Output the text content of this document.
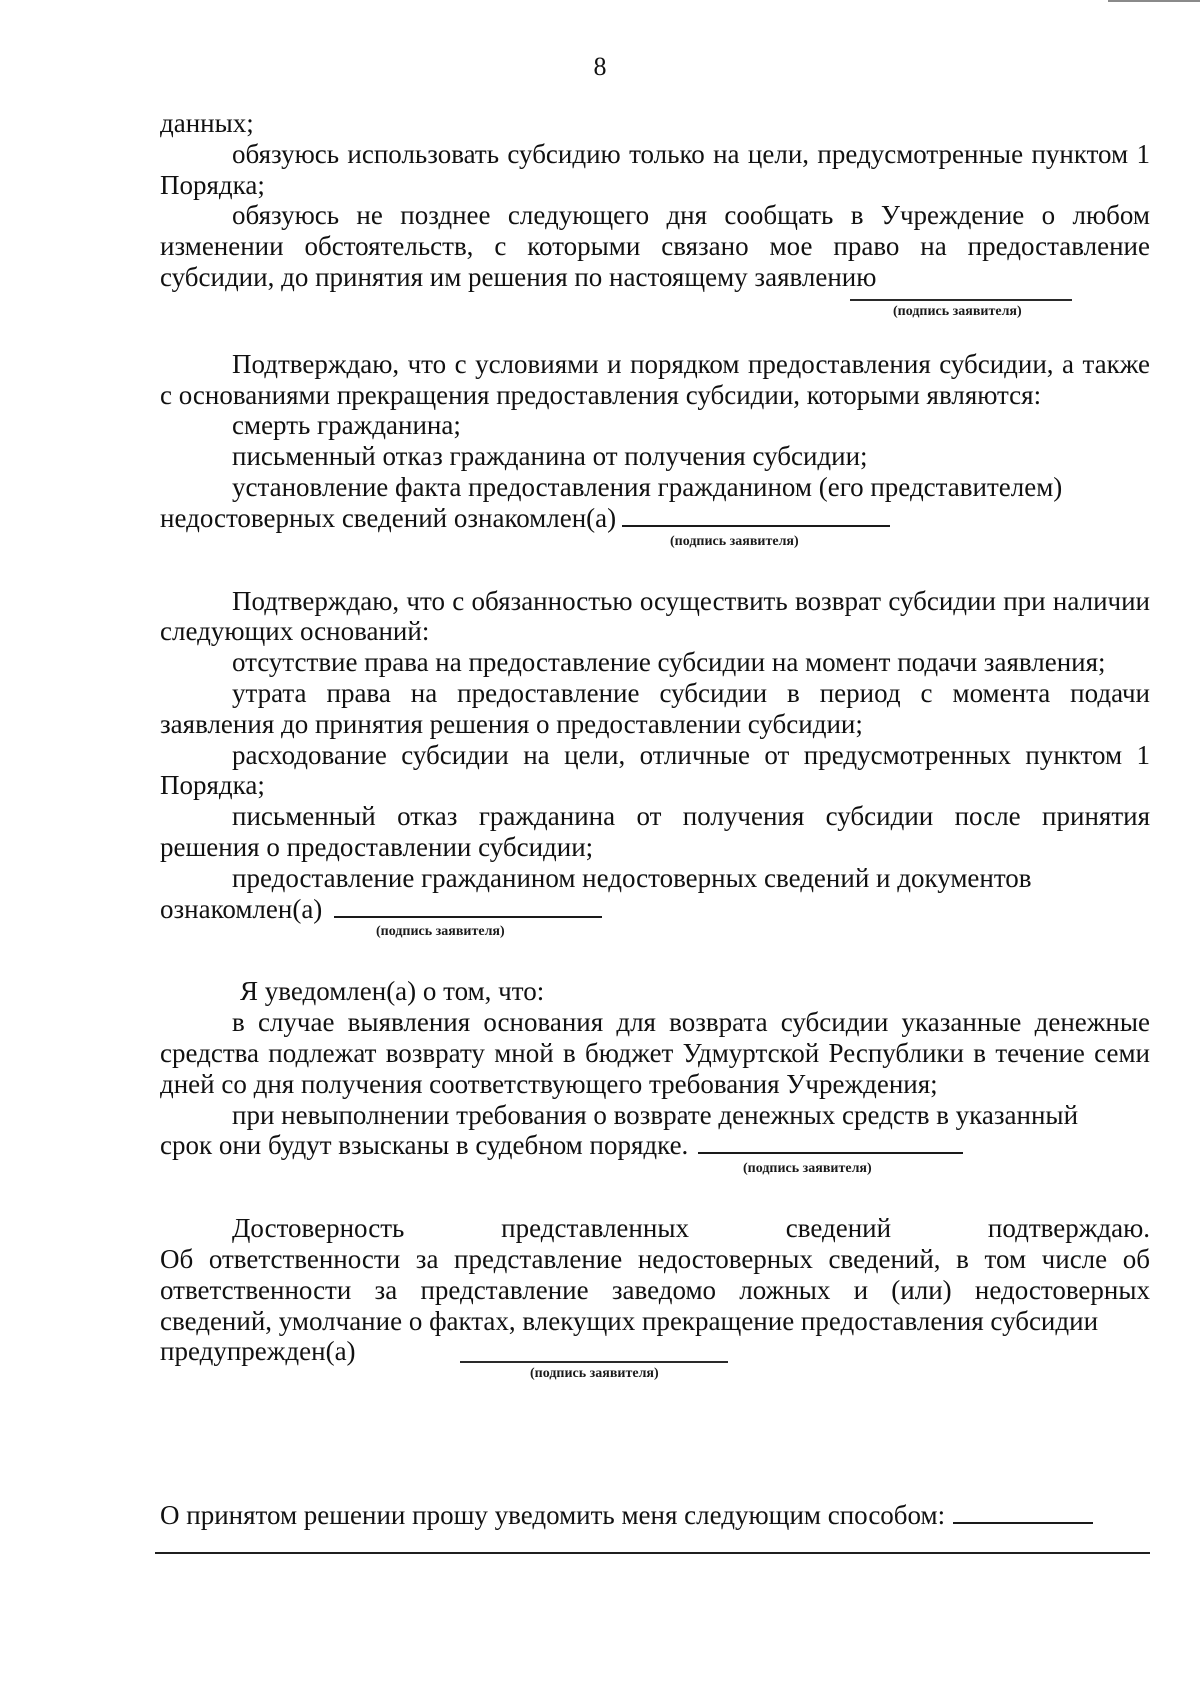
8

данных;

обязуюсь использовать субсидию только на цели, предусмотренные пунктом 1 Порядка;

обязуюсь не позднее следующего дня сообщать в Учреждение о любом изменении обстоятельств, с которыми связано мое право на предоставление субсидии, до принятия им решения по настоящему заявлению

(подпись заявителя)

Подтверждаю, что с условиями и порядком предоставления субсидии, а также с основаниями прекращения предоставления субсидии, которыми являются:

смерть гражданина;

письменный отказ гражданина от получения субсидии;

установление факта предоставления гражданином (его представителем)

недостоверных сведений ознакомлен(а)

(подпись заявителя)

Подтверждаю, что с обязанностью осуществить возврат субсидии при наличии следующих оснований:

отсутствие права на предоставление субсидии на момент подачи заявления;

утрата права на предоставление субсидии в период с момента подачи заявления до принятия решения о предоставлении субсидии;

расходование субсидии на цели, отличные от предусмотренных пунктом 1 Порядка;

письменный отказ гражданина от получения субсидии после принятия решения о предоставлении субсидии;

предоставление гражданином недостоверных сведений и документов

ознакомлен(а)

(подпись заявителя)

Я уведомлен(а) о том, что:

в случае выявления основания для возврата субсидии указанные денежные средства подлежат возврату мной в бюджет Удмуртской Республики в течение семи дней со дня получения соответствующего требования Учреждения;

при невыполнении требования о возврате денежных средств в указанный

срок они будут взысканы в судебном порядке.

(подпись заявителя)

Достоверность представленных сведений подтверждаю.

Об ответственности за представление недостоверных сведений, в том числе об ответственности за представление заведомо ложных и (или) недостоверных сведений, умолчание о фактах, влекущих прекращение предоставления субсидии

предупрежден(а)

(подпись заявителя)
О принятом решении прошу уведомить меня следующим способом:
